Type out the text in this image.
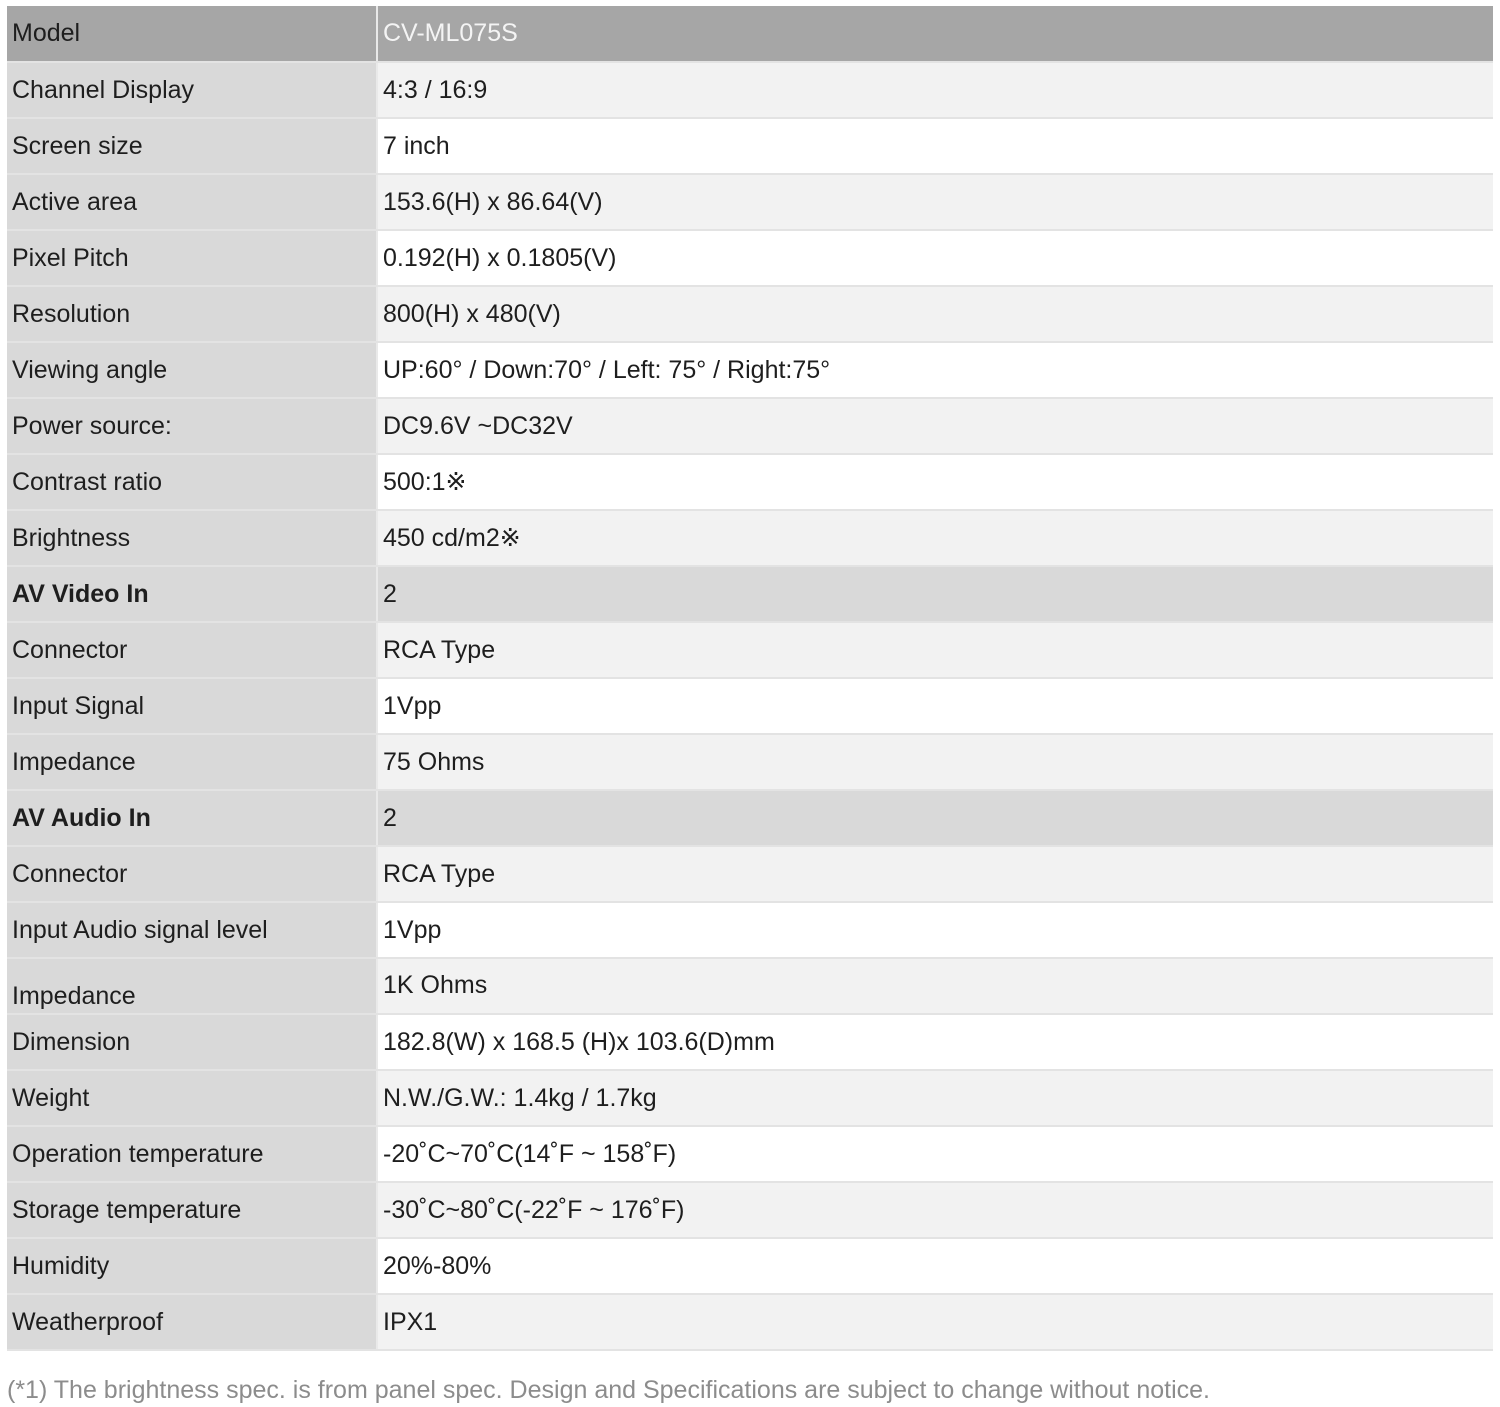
Model	CV-ML075S
Channel Display	4:3 / 16:9
Screen size	7 inch
Active area	153.6(H) x 86.64(V)
Pixel Pitch	0.192(H) x 0.1805(V)
Resolution	800(H) x 480(V)
Viewing angle	UP:60° / Down:70° / Left: 75° / Right:75°
Power source:	DC9.6V ~DC32V
Contrast ratio	500:1※
Brightness	450 cd/m2※
AV Video In	2
Connector	RCA Type
Input Signal	1Vpp
Impedance	75 Ohms
AV Audio In	2
Connector	RCA Type
Input Audio signal level	1Vpp
Impedance	1K Ohms
Dimension	182.8(W) x 168.5 (H)x 103.6(D)mm
Weight	N.W./G.W.: 1.4kg / 1.7kg
Operation temperature	-20˚C~70˚C(14˚F ~ 158˚F)
Storage temperature	-30˚C~80˚C(-22˚F ~ 176˚F)
Humidity	20%-80%
Weatherproof	IPX1
(*1) The brightness spec. is from panel spec. Design and Specifications are subject to change without notice.
